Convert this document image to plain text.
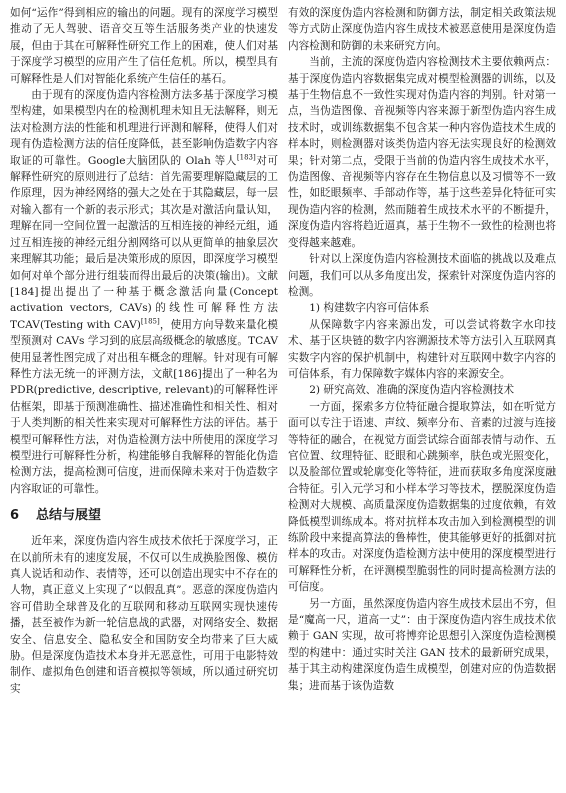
如何“运作”得到相应的输出的问题。现有的深度学习模型推动了无人驾驶、语音交互等生活服务类产业的快速发展，但由于其在可解释性研究工作上的困难，使人们对基于深度学习模型的应用产生了信任危机。所以，模型具有可解释性是人们对智能化系统产生信任的基石。

由于现有的深度伪造内容检测方法多基于深度学习模型构建，如果模型内在的检测机理未知且无法解释，则无法对检测方法的性能和机理进行评测和解释，使得人们对现有伪造检测方法的信任度降低，甚至影响伪造数字内容取证的可靠性。Google大脑团队的 Olah 等人[183]对可解释性研究的原则进行了总结：首先需要理解隐藏层的工作原理，因为神经网络的强大之处在于其隐藏层，每一层对输入都有一个新的表示形式；其次是对激活向量认知，理解在同一空间位置一起激活的互相连接的神经元组，通过互相连接的神经元组分割网络可以从更简单的抽象层次来理解其功能；最后是决策形成的原因，即深度学习模型如何对单个部分进行组装而得出最后的决策(输出)。文献[184]提出提出了一种基于概念激活向量(Concept activation vectors, CAVs)的线性可解释性方法 TCAV(Testing with CAV)[185]，使用方向导数来量化模型预测对 CAVs 学习到的底层高级概念的敏感度。TCAV 使用显著性图完成了对出租车概念的理解。针对现有可解释性方法无统一的评测方法，文献[186]提出了一种名为 PDR(predictive, descriptive, relevant)的可解释性评估框架，即基于预测准确性、描述准确性和相关性、相对于人类判断的相关性来实现对可解释性方法的评估。基于模型可解释性方法，对伪造检测方法中所使用的深度学习模型进行可解释性分析，构建能够自我解释的智能化伪造检测方法，提高检测可信度，进而保障未来对于伪造数字内容取证的可靠性。

6 总结与展望

近年来，深度伪造内容生成技术依托于深度学习，正在以前所未有的速度发展，不仅可以生成换脸图像、模仿真人说话和动作、表情等，还可以创造出现实中不存在的人物，真正意义上实现了“以假乱真”。恶意的深度伪造内容可借助全球普及化的互联网和移动互联网实现快速传播，甚至被作为新一轮信息战的武器，对网络安全、数据安全、信息安全、隐私安全和国防安全均带来了巨大威胁。但是深度伪造技术本身并无恶意性，可用于电影特效制作、虚拟角色创建和语音模拟等领域，所以通过研究切实

有效的深度伪造内容检测和防御方法，制定相关政策法规等方式防止深度伪造内容生成技术被恶意使用是深度伪造内容检测和防御的未来研究方向。

当前，主流的深度伪造内容检测技术主要依赖两点：基于深度伪造内容数据集完成对模型检测器的训练，以及基于生物信息不一致性实现对伪造内容的判别。针对第一点，当伪造图像、音视频等内容来源于新型伪造内容生成技术时，或训练数据集不包含某一种内容伪造技术生成的样本时，则检测器对该类伪造内容无法实现良好的检测效果；针对第二点，受限于当前的伪造内容生成技术水平，伪造图像、音视频等内容存在生物信息以及习惯等不一致性，如眨眼频率、手部动作等，基于这些差异化特征可实现伪造内容的检测，然而随着生成技术水平的不断提升，深度伪造内容将趋近逼真，基于生物不一致性的检测也将变得越来越难。

针对以上深度伪造内容检测技术面临的挑战以及难点问题，我们可以从多角度出发，探索针对深度伪造内容的检测。

1) 构建数字内容可信体系

从保障数字内容来源出发，可以尝试将数字水印技术、基于区块链的数字内容溯源技术等方法引入互联网真实数字内容的保护机制中，构建针对互联网中数字内容的可信体系，有力保障数字媒体内容的来源安全。

2) 研究高效、准确的深度伪造内容检测技术

一方面，探索多方位特征融合提取算法，如在听觉方面可以专注于语速、声纹、频率分布、音素的过渡与连接等特征的融合，在视觉方面尝试综合面部表情与动作、五官位置、纹理特征、眨眼和心跳频率，肤色或光照变化，以及脸部位置或轮廓变化等特征，进而获取多角度深度融合特征。引入元学习和小样本学习等技术，摆脱深度伪造检测对大规模、高质量深度伪造数据集的过度依赖，有效降低模型训练成本。将对抗样本攻击加入到检测模型的训练阶段中来提高算法的鲁棒性，使其能够更好的抵御对抗样本的攻击。对深度伪造检测方法中使用的深度模型进行可解释性分析，在评测模型脆弱性的同时提高检测方法的可信度。

另一方面，虽然深度伪造内容生成技术层出不穷，但是“魔高一尺，道高一丈”：由于深度伪造内容生成技术依赖于 GAN 实现，故可将博弈论思想引入深度伪造检测模型的构建中：通过实时关注 GAN 技术的最新研究成果，基于其主动构建深度伪造生成模型，创建对应的伪造数据集；进而基于该伪造数
